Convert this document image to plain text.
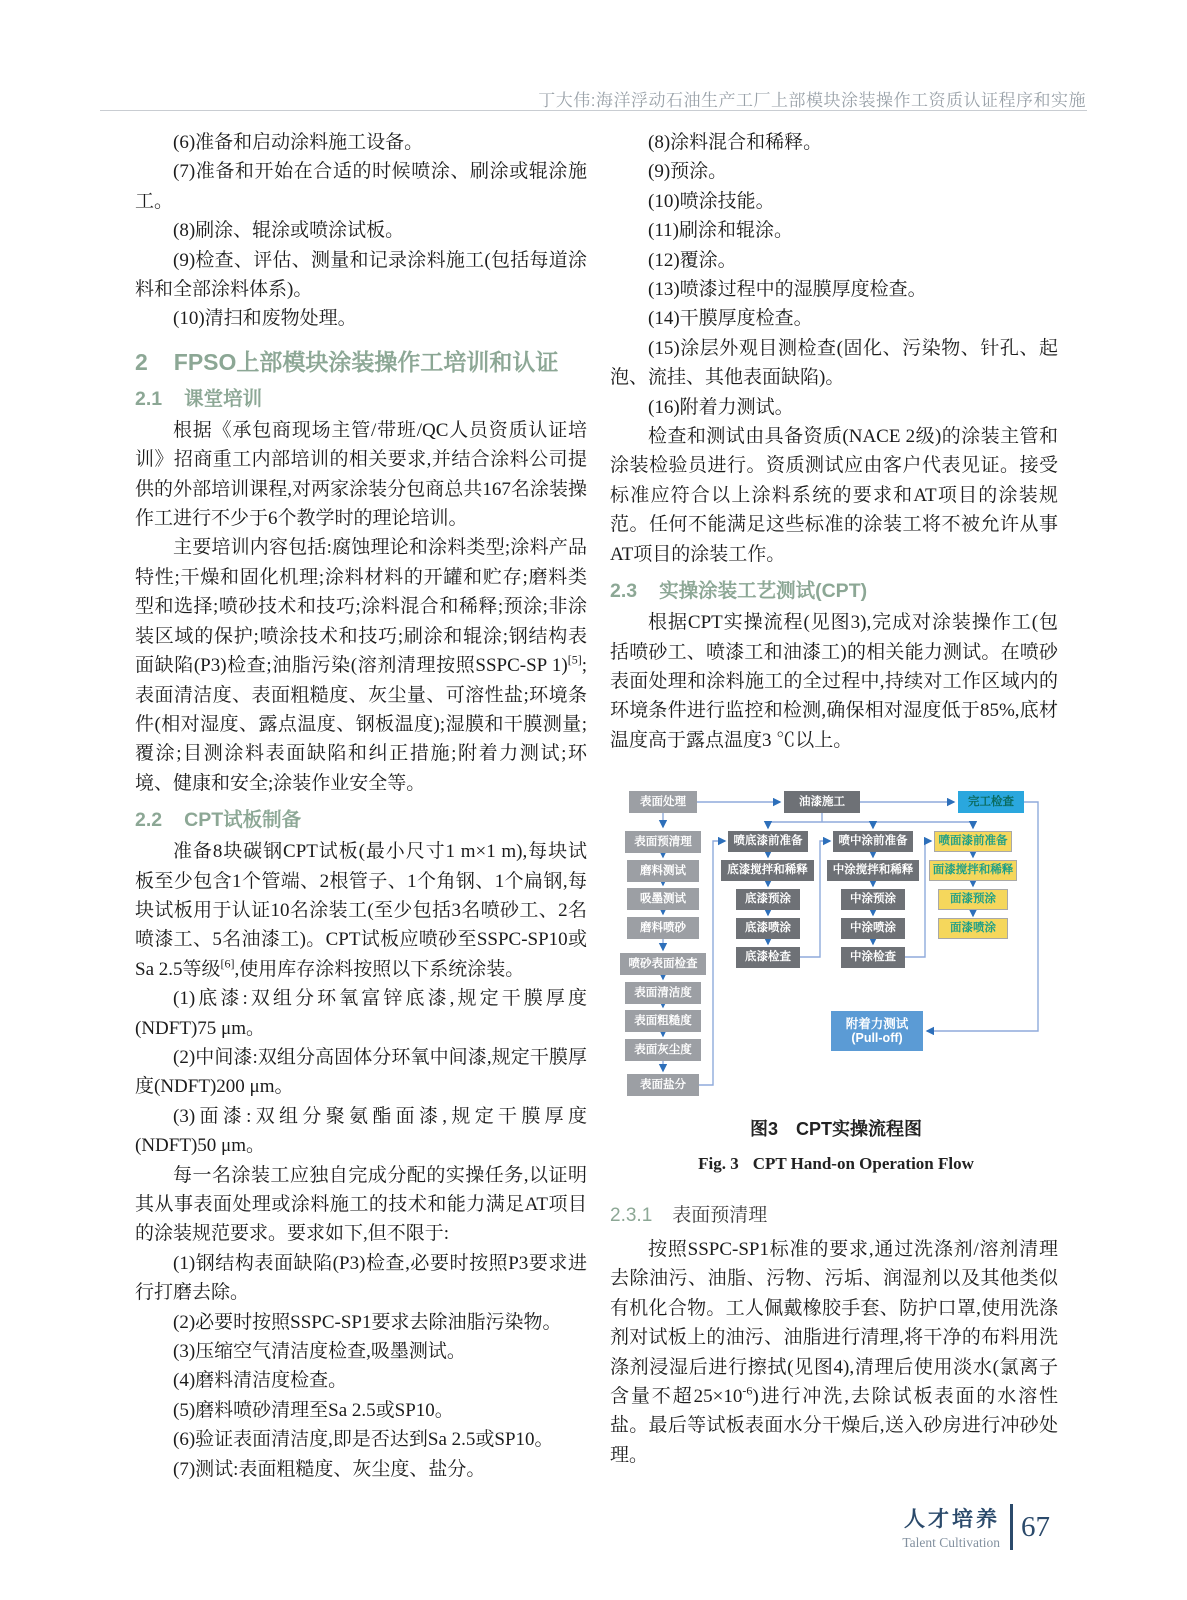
丁大伟:海洋浮动石油生产工厂上部模块涂装操作工资质认证程序和实施

(6)准备和启动涂料施工设备。

(7)准备和开始在合适的时候喷涂、刷涂或辊涂施工。

(8)刷涂、辊涂或喷涂试板。

(9)检查、评估、测量和记录涂料施工(包括每道涂料和全部涂料体系)。

(10)清扫和废物处理。

2 FPSO上部模块涂装操作工培训和认证
2.1 课堂培训

根据《承包商现场主管/带班/QC人员资质认证培训》招商重工内部培训的相关要求,并结合涂料公司提供的外部培训课程,对两家涂装分包商总共167名涂装操作工进行不少于6个教学时的理论培训。

主要培训内容包括:腐蚀理论和涂料类型;涂料产品特性;干燥和固化机理;涂料材料的开罐和贮存;磨料类型和选择;喷砂技术和技巧;涂料混合和稀释;预涂;非涂装区域的保护;喷涂技术和技巧;刷涂和辊涂;钢结构表面缺陷(P3)检查;油脂污染(溶剂清理按照SSPC-SP 1)[5];表面清洁度、表面粗糙度、灰尘量、可溶性盐;环境条件(相对湿度、露点温度、钢板温度);湿膜和干膜测量;覆涂;目测涂料表面缺陷和纠正措施;附着力测试;环境、健康和安全;涂装作业安全等。

2.2 CPT试板制备

准备8块碳钢CPT试板(最小尺寸1 m×1 m),每块试板至少包含1个管端、2根管子、1个角钢、1个扁钢,每块试板用于认证10名涂装工(至少包括3名喷砂工、2名喷漆工、5名油漆工)。CPT试板应喷砂至SSPC-SP10或Sa 2.5等级[6],使用库存涂料按照以下系统涂装。

(1)底漆:双组分环氧富锌底漆,规定干膜厚度(NDFT)75 μm。

(2)中间漆:双组分高固体分环氧中间漆,规定干膜厚度(NDFT)200 μm。

(3)面漆:双组分聚氨酯面漆,规定干膜厚度(NDFT)50 μm。

每一名涂装工应独自完成分配的实操任务,以证明其从事表面处理或涂料施工的技术和能力满足AT项目的涂装规范要求。要求如下,但不限于:

(1)钢结构表面缺陷(P3)检查,必要时按照P3要求进行打磨去除。

(2)必要时按照SSPC-SP1要求去除油脂污染物。

(3)压缩空气清洁度检查,吸墨测试。

(4)磨料清洁度检查。

(5)磨料喷砂清理至Sa 2.5或SP10。

(6)验证表面清洁度,即是否达到Sa 2.5或SP10。

(7)测试:表面粗糙度、灰尘度、盐分。

(8)涂料混合和稀释。

(9)预涂。

(10)喷涂技能。

(11)刷涂和辊涂。

(12)覆涂。

(13)喷漆过程中的湿膜厚度检查。

(14)干膜厚度检查。

(15)涂层外观目测检查(固化、污染物、针孔、起泡、流挂、其他表面缺陷)。

(16)附着力测试。

检查和测试由具备资质(NACE 2级)的涂装主管和涂装检验员进行。资质测试应由客户代表见证。接受标准应符合以上涂料系统的要求和AT项目的涂装规范。任何不能满足这些标准的涂装工将不被允许从事AT项目的涂装工作。

2.3 实操涂装工艺测试(CPT)

根据CPT实操流程(见图3),完成对涂装操作工(包括喷砂工、喷漆工和油漆工)的相关能力测试。在喷砂表面处理和涂料施工的全过程中,持续对工作区域内的环境条件进行监控和检测,确保相对湿度低于85%,底材温度高于露点温度3 ℃以上。

表面处理	油漆施工	完工检查
表面预清理
磨料测试
吸墨测试
磨料喷砂
喷砂表面检查
表面清洁度
表面粗糙度
表面灰尘度
表面盐分
喷底漆前准备
底漆搅拌和稀释
底漆预涂
底漆喷涂
底漆检查
喷中涂前准备
中涂搅拌和稀释
中涂预涂
中涂喷涂
中涂检查
喷面漆前准备
面漆搅拌和稀释
面漆预涂
面漆喷涂
附着力测试
(Pull-off)
图3 CPT实操流程图
Fig. 3 CPT Hand-on Operation Flow
2.3.1 表面预清理

按照SSPC-SP1标准的要求,通过洗涤剂/溶剂清理去除油污、油脂、污物、污垢、润湿剂以及其他类似有机化合物。工人佩戴橡胶手套、防护口罩,使用洗涤剂对试板上的油污、油脂进行清理,将干净的布料用洗涤剂浸湿后进行擦拭(见图4),清理后使用淡水(氯离子含量不超25×10$^{-6}$)进行冲洗,去除试板表面的水溶性盐。最后等试板表面水分干燥后,送入砂房进行冲砂处理。

人才培养
Talent Cultivation 67
